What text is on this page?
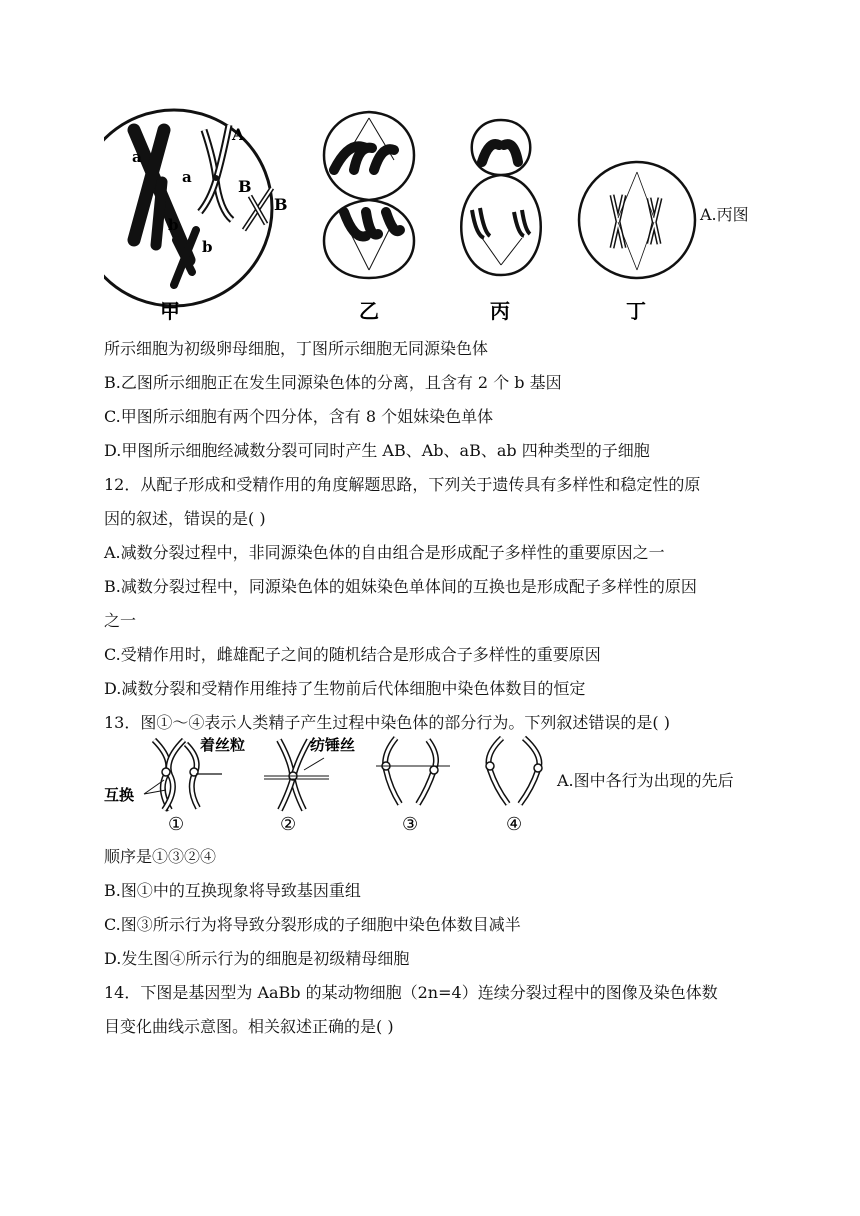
a
a
A
B
B
b
b
甲	乙	丙	丁
A.丙图
所示细胞为初级卵母细胞，丁图所示细胞无同源染色体
B.乙图所示细胞正在发生同源染色体的分离，且含有 2 个 b 基因
C.甲图所示细胞有两个四分体，含有 8 个姐妹染色单体
D.甲图所示细胞经减数分裂可同时产生 AB、Ab、aB、ab 四种类型的子细胞
12．从配子形成和受精作用的角度解题思路，下列关于遗传具有多样性和稳定性的原
因的叙述，错误的是( )
A.减数分裂过程中，非同源染色体的自由组合是形成配子多样性的重要原因之一
B.减数分裂过程中，同源染色体的姐妹染色单体间的互换也是形成配子多样性的原因
之一
C.受精作用时，雌雄配子之间的随机结合是形成合子多样性的重要原因
D.减数分裂和受精作用维持了生物前后代体细胞中染色体数目的恒定
13．图①～④表示人类精子产生过程中染色体的部分行为。下列叙述错误的是( )
着丝粒	纺锤丝
互换
①	②	③	④
A.图中各行为出现的先后
顺序是①③②④
B.图①中的互换现象将导致基因重组
C.图③所示行为将导致分裂形成的子细胞中染色体数目减半
D.发生图④所示行为的细胞是初级精母细胞
14．下图是基因型为 AaBb 的某动物细胞（2n=4）连续分裂过程中的图像及染色体数
目变化曲线示意图。相关叙述正确的是( )
